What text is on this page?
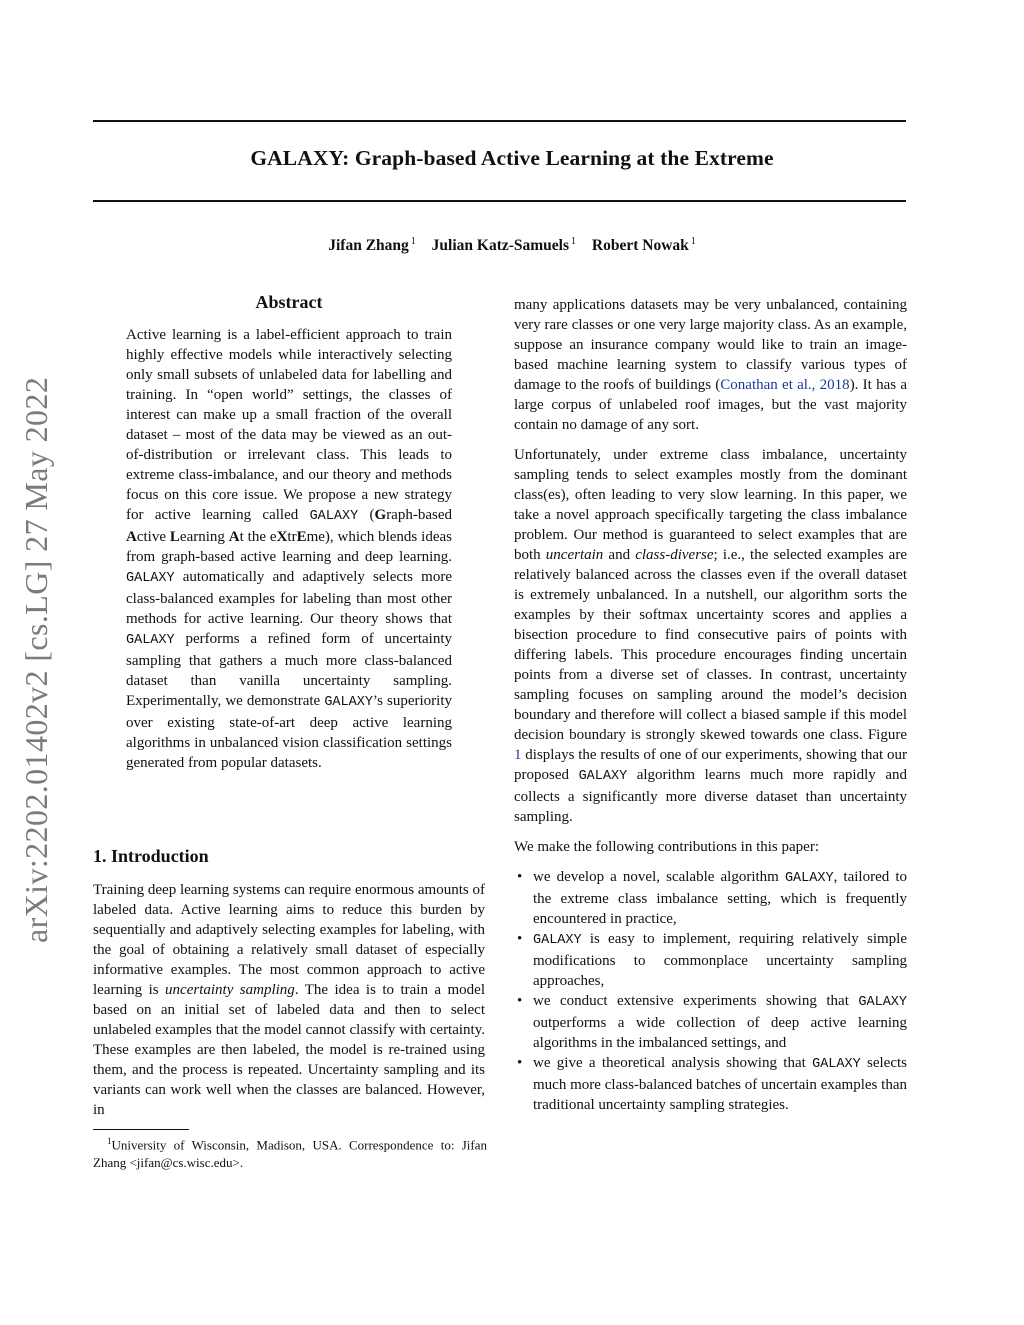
GALAXY: Graph-based Active Learning at the Extreme
Jifan Zhang $^1$ Julian Katz-Samuels $^1$ Robert Nowak $^1$
arXiv:2202.01402v2 [cs.LG] 27 May 2022
Abstract

Active learning is a label-efficient approach to train highly effective models while interactively selecting only small subsets of unlabeled data for labelling and training. In “open world” settings, the classes of interest can make up a small fraction of the overall dataset – most of the data may be viewed as an out-of-distribution or irrelevant class. This leads to extreme class-imbalance, and our theory and methods focus on this core issue. We propose a new strategy for active learning called GALAXY (Graph-based Active Learning At the eXtrEme), which blends ideas from graph-based active learning and deep learning. GALAXY automatically and adaptively selects more class-balanced examples for labeling than most other methods for active learning. Our theory shows that GALAXY performs a refined form of uncertainty sampling that gathers a much more class-balanced dataset than vanilla uncertainty sampling. Experimentally, we demonstrate GALAXY’s superiority over existing state-of-art deep active learning algorithms in unbalanced vision classification settings generated from popular datasets.

1. Introduction

Training deep learning systems can require enormous amounts of labeled data. Active learning aims to reduce this burden by sequentially and adaptively selecting examples for labeling, with the goal of obtaining a relatively small dataset of especially informative examples. The most common approach to active learning is uncertainty sampling. The idea is to train a model based on an initial set of labeled data and then to select unlabeled examples that the model cannot classify with certainty. These examples are then labeled, the model is re-trained using them, and the process is repeated. Uncertainty sampling and its variants can work well when the classes are balanced. However, in

$^1$University of Wisconsin, Madison, USA. Correspondence to: Jifan Zhang <jifan@cs.wisc.edu>.

many applications datasets may be very unbalanced, containing very rare classes or one very large majority class. As an example, suppose an insurance company would like to train an image-based machine learning system to classify various types of damage to the roofs of buildings (Conathan et al., 2018). It has a large corpus of unlabeled roof images, but the vast majority contain no damage of any sort.

Unfortunately, under extreme class imbalance, uncertainty sampling tends to select examples mostly from the dominant class(es), often leading to very slow learning. In this paper, we take a novel approach specifically targeting the class imbalance problem. Our method is guaranteed to select examples that are both uncertain and class-diverse; i.e., the selected examples are relatively balanced across the classes even if the overall dataset is extremely unbalanced. In a nutshell, our algorithm sorts the examples by their softmax uncertainty scores and applies a bisection procedure to find consecutive pairs of points with differing labels. This procedure encourages finding uncertain points from a diverse set of classes. In contrast, uncertainty sampling focuses on sampling around the model’s decision boundary and therefore will collect a biased sample if this model decision boundary is strongly skewed towards one class. Figure 1 displays the results of one of our experiments, showing that our proposed GALAXY algorithm learns much more rapidly and collects a significantly more diverse dataset than uncertainty sampling.

We make the following contributions in this paper:

• we develop a novel, scalable algorithm GALAXY, tailored to the extreme class imbalance setting, which is frequently encountered in practice,
• GALAXY is easy to implement, requiring relatively simple modifications to commonplace uncertainty sampling approaches,
• we conduct extensive experiments showing that GALAXY outperforms a wide collection of deep active learning algorithms in the imbalanced settings, and
• we give a theoretical analysis showing that GALAXY selects much more class-balanced batches of uncertain examples than traditional uncertainty sampling strategies.
